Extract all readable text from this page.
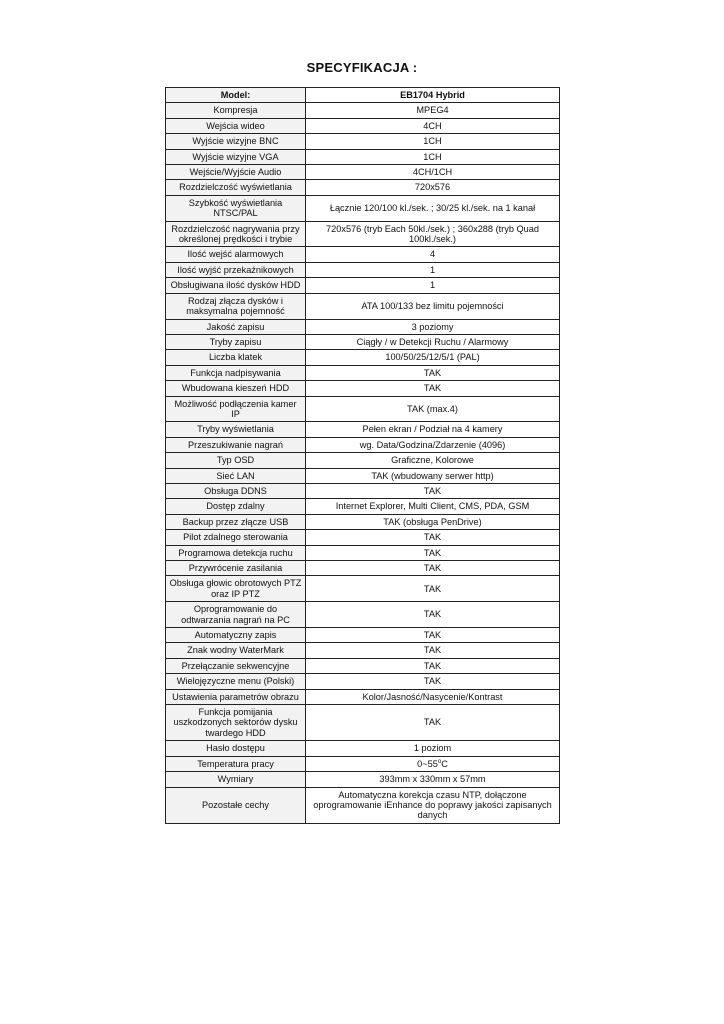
SPECYFIKACJA :
Model:	EB1704 Hybrid
Kompresja	MPEG4
Wejścia wideo	4CH
Wyjście wizyjne BNC	1CH
Wyjście wizyjne VGA	1CH
Wejście/Wyjście Audio	4CH/1CH
Rozdzielczość wyświetlania	720x576
Szybkość wyświetlania NTSC/PAL	Łącznie 120/100 kl./sek. ; 30/25 kl./sek. na 1 kanał
Rozdzielczość nagrywania przy określonej prędkości i trybie	720x576 (tryb Each 50kl./sek.) ; 360x288 (tryb Quad 100kl./sek.)
Ilość wejść alarmowych	4
Ilość wyjść przekaźnikowych	1
Obsługiwana ilość dysków HDD	1
Rodzaj złącza dysków i maksymalna pojemność	ATA 100/133 bez limitu pojemności
Jakość zapisu	3 poziomy
Tryby zapisu	Ciągły / w Detekcji Ruchu / Alarmowy
Liczba klatek	100/50/25/12/5/1 (PAL)
Funkcja nadpisywania	TAK
Wbudowana kieszeń HDD	TAK
Możliwość podłączenia kamer IP	TAK (max.4)
Tryby wyświetlania	Pełen ekran / Podział na 4 kamery
Przeszukiwanie nagrań	wg. Data/Godzina/Zdarzenie (4096)
Typ OSD	Graficzne, Kolorowe
Sieć LAN	TAK (wbudowany serwer http)
Obsługa DDNS	TAK
Dostęp zdalny	Internet Explorer, Multi Client, CMS, PDA, GSM
Backup przez złącze USB	TAK (obsługa PenDrive)
Pilot zdalnego sterowania	TAK
Programowa detekcja ruchu	TAK
Przywrócenie zasilania	TAK
Obsługa głowic obrotowych PTZ oraz IP PTZ	TAK
Oprogramowanie do odtwarzania nagrań na PC	TAK
Automatyczny zapis	TAK
Znak wodny WaterMark	TAK
Przełączanie sekwencyjne	TAK
Wielojęzyczne menu (Polski)	TAK
Ustawienia parametrów obrazu	Kolor/Jasność/Nasycenie/Kontrast
Funkcja pomijania uszkodzonych sektorów dysku twardego HDD	TAK
Hasło dostępu	1 poziom
Temperatura pracy	0~55$^o$C
Wymiary	393mm x 330mm x 57mm
Pozostałe cechy	Automatyczna korekcja czasu NTP, dołączone oprogramowanie iEnhance do poprawy jakości zapisanych danych
